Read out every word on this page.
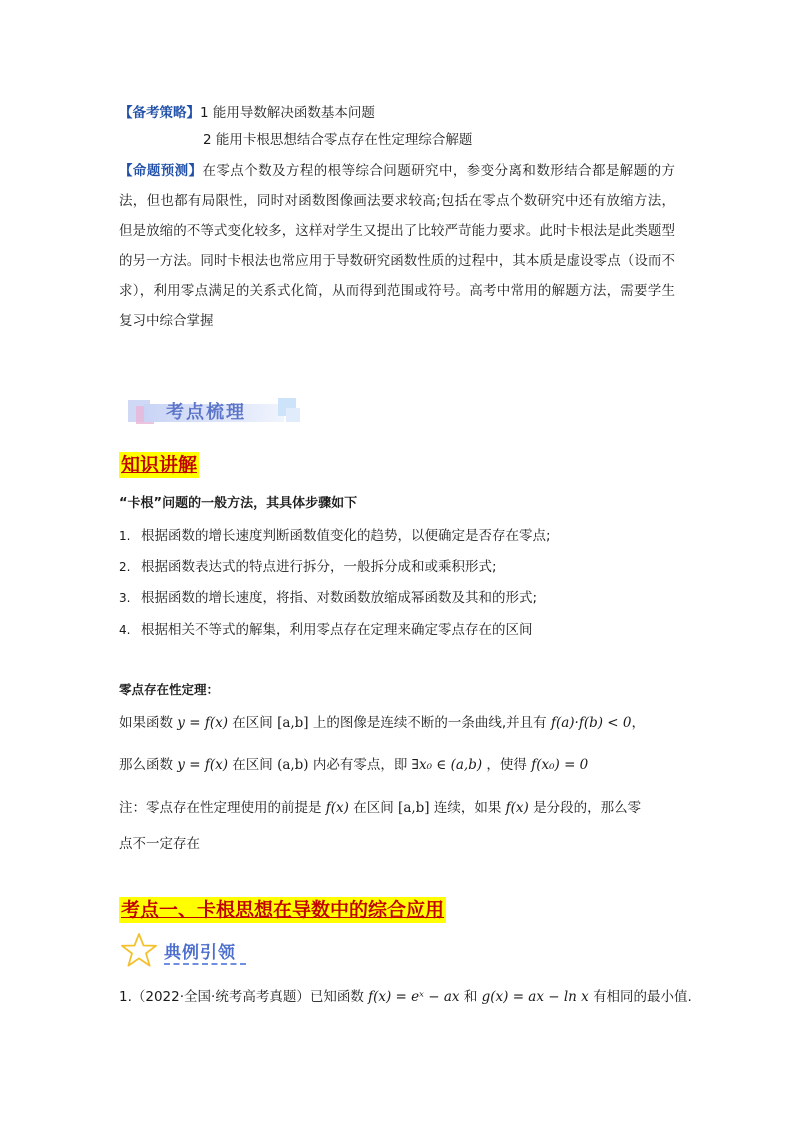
【备考策略】1 能用导数解决函数基本问题
2 能用卡根思想结合零点存在性定理综合解题
【命题预测】在零点个数及方程的根等综合问题研究中，参变分离和数形结合都是解题的方法，但也都有局限性，同时对函数图像画法要求较高;包括在零点个数研究中还有放缩方法，但是放缩的不等式变化较多，这样对学生又提出了比较严苛能力要求。此时卡根法是此类题型的另一方法。同时卡根法也常应用于导数研究函数性质的过程中，其本质是虚设零点（设而不求），利用零点满足的关系式化简，从而得到范围或符号。高考中常用的解题方法，需要学生复习中综合掌握
考点梳理
知识讲解
“卡根”问题的一般方法，其具体步骤如下
1. 根据函数的增长速度判断函数值变化的趋势，以便确定是否存在零点;
2. 根据函数表达式的特点进行拆分，一般拆分成和或乘积形式;
3. 根据函数的增长速度，将指、对数函数放缩成幂函数及其和的形式;
4. 根据相关不等式的解集，利用零点存在定理来确定零点存在的区间
零点存在性定理：
如果函数 y = f(x) 在区间 [a,b] 上的图像是连续不断的一条曲线,并且有 f(a)·f(b) < 0，
那么函数 y = f(x) 在区间 (a,b) 内必有零点，即 ∃x₀ ∈ (a,b) ，使得 f(x₀) = 0
注：零点存在性定理使用的前提是 f(x) 在区间 [a,b] 连续，如果 f(x) 是分段的，那么零
点不一定存在
考点一、卡根思想在导数中的综合应用
典例引领
1.（2022·全国·统考高考真题）已知函数 f(x) = eˣ − ax 和 g(x) = ax − ln x 有相同的最小值.
